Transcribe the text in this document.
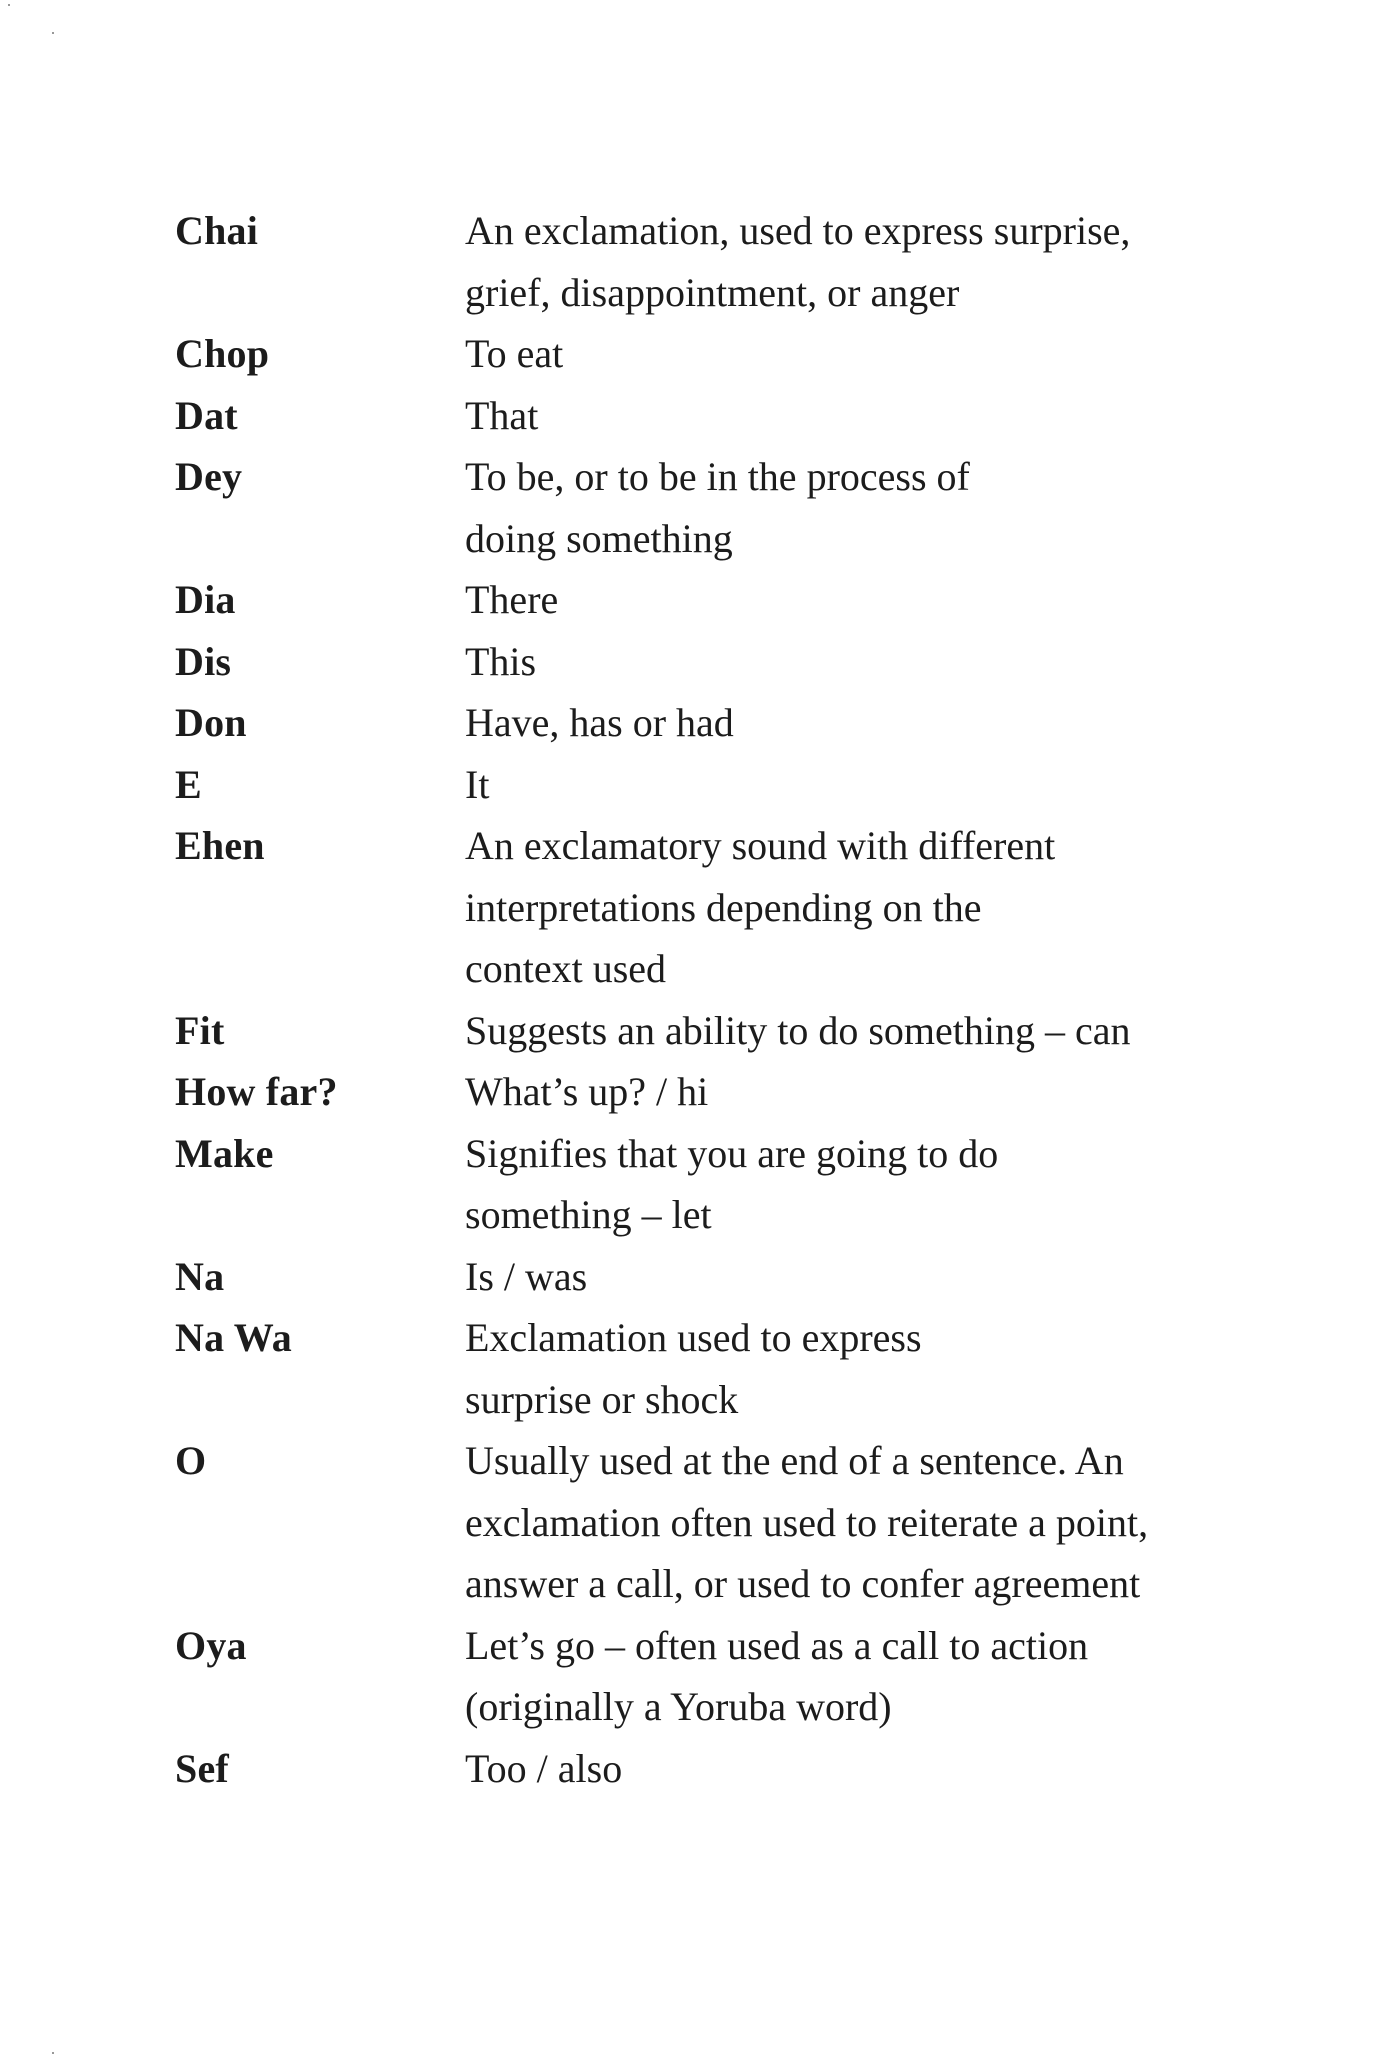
Chai	An exclamation, used to express surprise,
grief, disappointment, or anger
Chop	To eat
Dat	That
Dey	To be, or to be in the process of
doing something
Dia	There
Dis	This
Don	Have, has or had
E	It
Ehen	An exclamatory sound with different
interpretations depending on the
context used
Fit	Suggests an ability to do something – can
How far?	What’s up? / hi
Make	Signifies that you are going to do
something – let
Na	Is / was
Na Wa	Exclamation used to express
surprise or shock
O	Usually used at the end of a sentence. An
exclamation often used to reiterate a point,
answer a call, or used to confer agreement
Oya	Let’s go – often used as a call to action
(originally a Yoruba word)
Sef	Too / also
